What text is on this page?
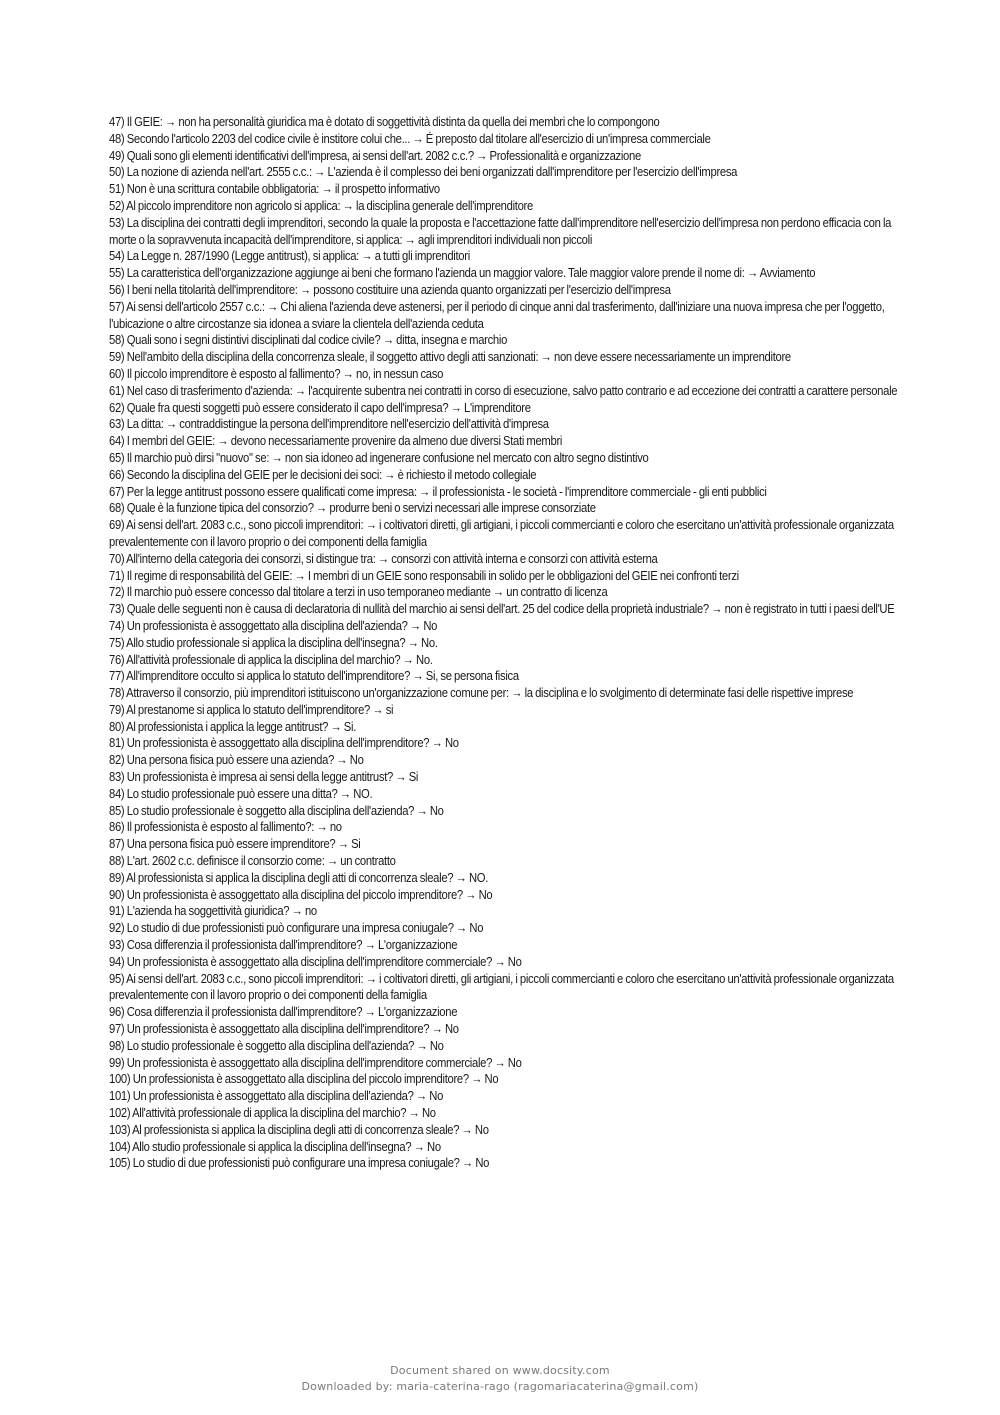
47) Il GEIE: → non ha personalità giuridica ma è dotato di soggettività distinta da quella dei membri che lo compongono

48) Secondo l'articolo 2203 del codice civile è institore colui che... → É preposto dal titolare all'esercizio di un'impresa commerciale

49) Quali sono gli elementi identificativi dell'impresa, ai sensi dell'art. 2082 c.c.? → Professionalità e organizzazione

50) La nozione di azienda nell'art. 2555 c.c.: → L'azienda è il complesso dei beni organizzati dall'imprenditore per l'esercizio dell'impresa

51) Non è una scrittura contabile obbligatoria: → il prospetto informativo

52) Al piccolo imprenditore non agricolo si applica: → la disciplina generale dell'imprenditore

53) La disciplina dei contratti degli imprenditori, secondo la quale la proposta e l'accettazione fatte dall'imprenditore nell'esercizio dell'impresa non perdono efficacia con la morte o la sopravvenuta incapacità dell'imprenditore, si applica: → agli imprenditori individuali non piccoli

54) La Legge n. 287/1990 (Legge antitrust), si applica: → a tutti gli imprenditori

55) La caratteristica dell'organizzazione aggiunge ai beni che formano l'azienda un maggior valore. Tale maggior valore prende il nome di: → Avviamento

56) I beni nella titolarità dell'imprenditore: → possono costituire una azienda quanto organizzati per l'esercizio dell'impresa

57) Ai sensi dell'articolo 2557 c.c.: → Chi aliena l'azienda deve astenersi, per il periodo di cinque anni dal trasferimento, dall'iniziare una nuova impresa che per l'oggetto, l'ubicazione o altre circostanze sia idonea a sviare la clientela dell'azienda ceduta

58) Quali sono i segni distintivi disciplinati dal codice civile? → ditta, insegna e marchio

59) Nell'ambito della disciplina della concorrenza sleale, il soggetto attivo degli atti sanzionati: → non deve essere necessariamente un imprenditore

60) Il piccolo imprenditore è esposto al fallimento? → no, in nessun caso

61) Nel caso di trasferimento d'azienda: → l'acquirente subentra nei contratti in corso di esecuzione, salvo patto contrario e ad eccezione dei contratti a carattere personale

62) Quale fra questi soggetti può essere considerato il capo dell'impresa? → L'imprenditore

63) La ditta: → contraddistingue la persona dell'imprenditore nell'esercizio dell'attività d'impresa

64) I membri del GEIE: → devono necessariamente provenire da almeno due diversi Stati membri

65) Il marchio può dirsi "nuovo" se: → non sia idoneo ad ingenerare confusione nel mercato con altro segno distintivo

66) Secondo la disciplina del GEIE per le decisioni dei soci: → è richiesto il metodo collegiale

67) Per la legge antitrust possono essere qualificati come impresa: → il professionista - le società - l'imprenditore commerciale - gli enti pubblici

68) Quale è la funzione tipica del consorzio? → produrre beni o servizi necessari alle imprese consorziate

69) Ai sensi dell'art. 2083 c.c., sono piccoli imprenditori: → i coltivatori diretti, gli artigiani, i piccoli commercianti e coloro che esercitano un'attività professionale organizzata prevalentemente con il lavoro proprio o dei componenti della famiglia

70) All'interno della categoria dei consorzi, si distingue tra: → consorzi con attività interna e consorzi con attività esterna

71) Il regime di responsabilità del GEIE: → I membri di un GEIE sono responsabili in solido per le obbligazioni del GEIE nei confronti terzi

72) Il marchio può essere concesso dal titolare a terzi in uso temporaneo mediante → un contratto di licenza

73) Quale delle seguenti non è causa di declaratoria di nullità del marchio ai sensi dell'art. 25 del codice della proprietà industriale? → non è registrato in tutti i paesi dell'UE

74) Un professionista è assoggettato alla disciplina dell'azienda? → No

75) Allo studio professionale si applica la disciplina dell'insegna? → No.

76) All'attività professionale di applica la disciplina del marchio? → No.

77) All'imprenditore occulto si applica lo statuto dell'imprenditore? → Si, se persona fisica

78) Attraverso il consorzio, più imprenditori istituiscono un'organizzazione comune per: → la disciplina e lo svolgimento di determinate fasi delle rispettive imprese

79) Al prestanome si applica lo statuto dell'imprenditore? → si

80) Al professionista i applica la legge antitrust? → Si.

81) Un professionista è assoggettato alla disciplina dell'imprenditore? → No

82) Una persona fisica può essere una azienda? → No

83) Un professionista è impresa ai sensi della legge antitrust? → Si

84) Lo studio professionale può essere una ditta? → NO.

85) Lo studio professionale è soggetto alla disciplina dell'azienda? → No

86) Il professionista è esposto al fallimento?: → no

87) Una persona fisica può essere imprenditore? → Si

88) L'art. 2602 c.c. definisce il consorzio come: → un contratto

89) Al professionista si applica la disciplina degli atti di concorrenza sleale? → NO.

90) Un professionista è assoggettato alla disciplina del piccolo imprenditore? → No

91) L'azienda ha soggettività giuridica? → no

92) Lo studio di due professionisti può configurare una impresa coniugale? → No

93) Cosa differenzia il professionista dall'imprenditore? → L'organizzazione

94) Un professionista è assoggettato alla disciplina dell'imprenditore commerciale? → No

95) Ai sensi dell'art. 2083 c.c., sono piccoli imprenditori: → i coltivatori diretti, gli artigiani, i piccoli commercianti e coloro che esercitano un'attività professionale organizzata prevalentemente con il lavoro proprio o dei componenti della famiglia

96) Cosa differenzia il professionista dall'imprenditore? → L'organizzazione

97) Un professionista è assoggettato alla disciplina dell'imprenditore? → No

98) Lo studio professionale è soggetto alla disciplina dell'azienda? → No

99) Un professionista è assoggettato alla disciplina dell'imprenditore commerciale? → No

100) Un professionista è assoggettato alla disciplina del piccolo imprenditore? → No

101) Un professionista è assoggettato alla disciplina dell'azienda? → No

102) All'attività professionale di applica la disciplina del marchio? → No

103) Al professionista si applica la disciplina degli atti di concorrenza sleale? → No

104) Allo studio professionale si applica la disciplina dell'insegna? → No

105) Lo studio di due professionisti può configurare una impresa coniugale? → No

Document shared on www.docsity.com
Downloaded by: maria-caterina-rago (ragomariacaterina@gmail.com)
